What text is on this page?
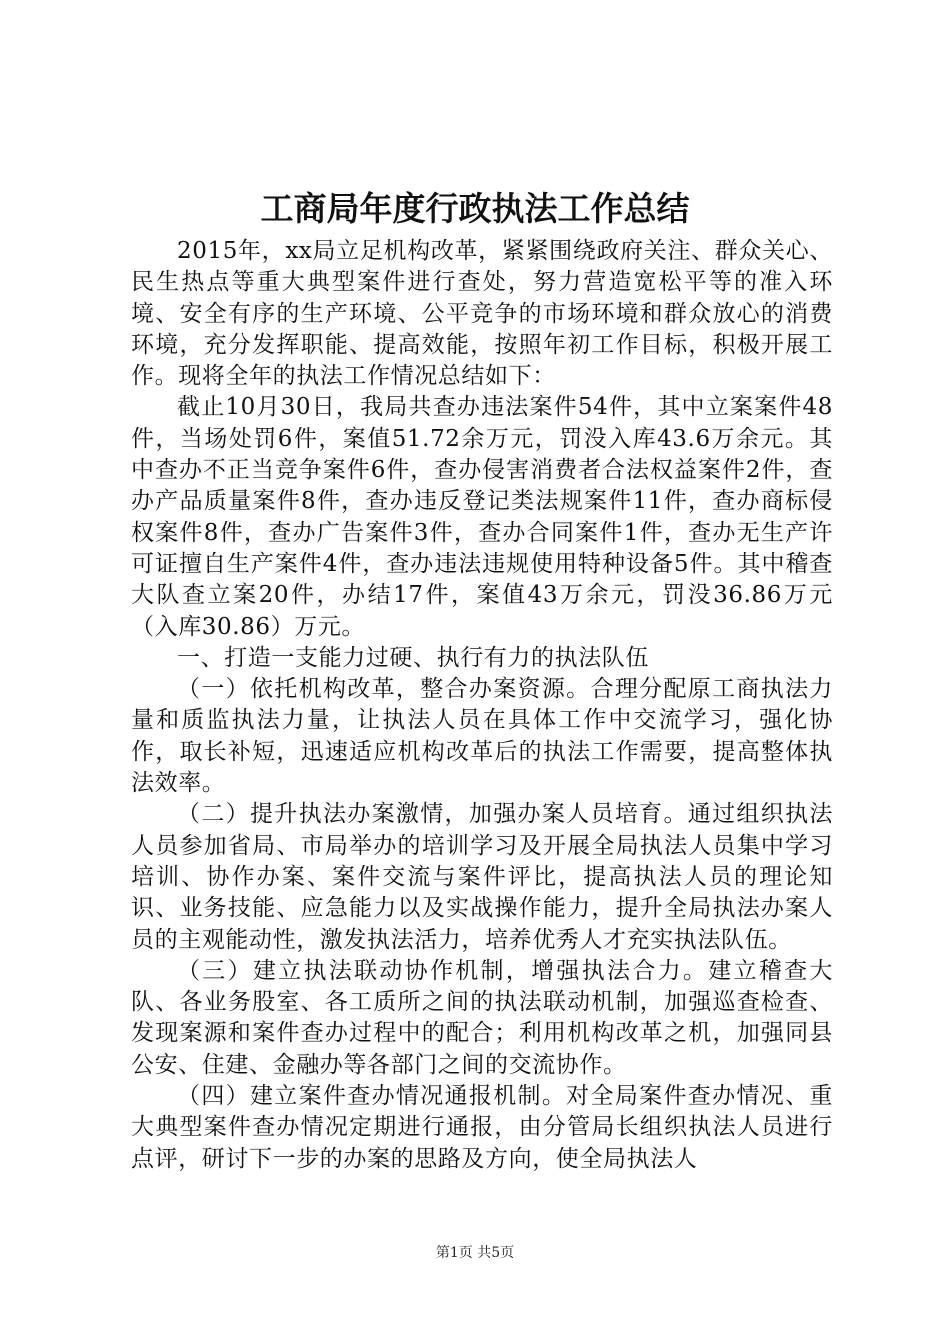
工商局年度行政执法工作总结

2015年，xx局立足机构改革，紧紧围绕政府关注、群众关心、民生热点等重大典型案件进行查处，努力营造宽松平等的准入环境、安全有序的生产环境、公平竞争的市场环境和群众放心的消费环境，充分发挥职能、提高效能，按照年初工作目标，积极开展工作。现将全年的执法工作情况总结如下：

截止10月30日，我局共查办违法案件54件，其中立案案件48件，当场处罚6件，案值51.72余万元，罚没入库43.6万余元。其中查办不正当竞争案件6件，查办侵害消费者合法权益案件2件，查办产品质量案件8件，查办违反登记类法规案件11件，查办商标侵权案件8件，查办广告案件3件，查办合同案件1件，查办无生产许可证擅自生产案件4件，查办违法违规使用特种设备5件。其中稽查大队查立案20件，办结17件，案值43万余元，罚没36.86万元（入库30.86）万元。

一、打造一支能力过硬、执行有力的执法队伍

（一）依托机构改革，整合办案资源。合理分配原工商执法力量和质监执法力量，让执法人员在具体工作中交流学习，强化协作，取长补短，迅速适应机构改革后的执法工作需要，提高整体执法效率。

（二）提升执法办案激情，加强办案人员培育。通过组织执法人员参加省局、市局举办的培训学习及开展全局执法人员集中学习培训、协作办案、案件交流与案件评比，提高执法人员的理论知识、业务技能、应急能力以及实战操作能力，提升全局执法办案人员的主观能动性，激发执法活力，培养优秀人才充实执法队伍。

（三）建立执法联动协作机制，增强执法合力。建立稽查大队、各业务股室、各工质所之间的执法联动机制，加强巡查检查、发现案源和案件查办过程中的配合；利用机构改革之机，加强同县公安、住建、金融办等各部门之间的交流协作。

（四）建立案件查办情况通报机制。对全局案件查办情况、重大典型案件查办情况定期进行通报，由分管局长组织执法人员进行点评，研讨下一步的办案的思路及方向，使全局执法人

第1页 共5页
